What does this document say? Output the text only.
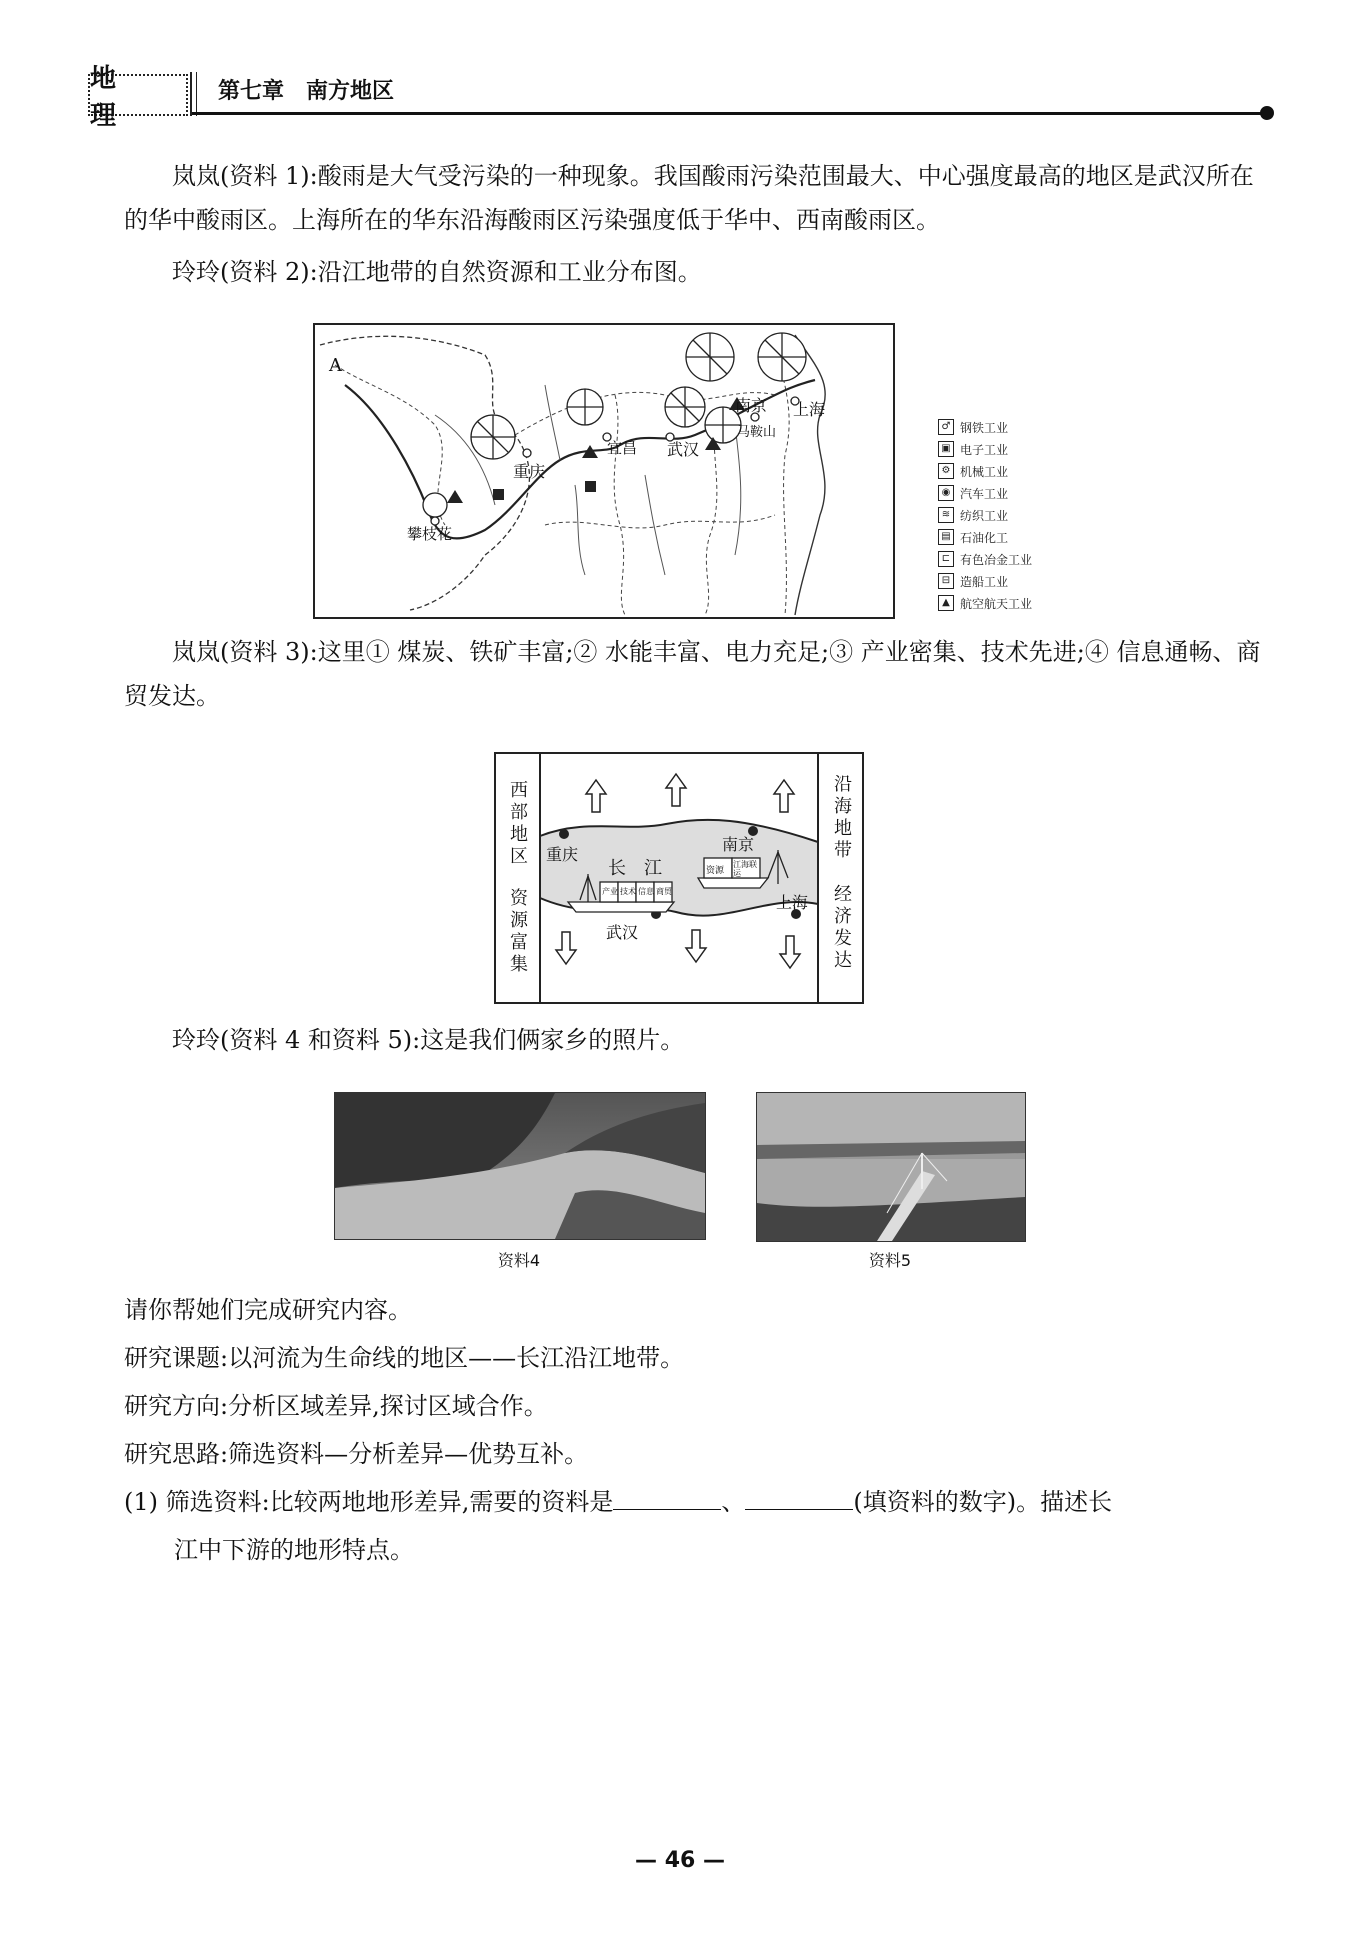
地 理
第七章　南方地区
岚岚(资料 1):酸雨是大气受污染的一种现象。我国酸雨污染范围最大、中心强度最高的地区是武汉所在的华中酸雨区。上海所在的华东沿海酸雨区污染强度低于华中、西南酸雨区。
玲玲(资料 2):沿江地带的自然资源和工业分布图。
A
攀枝花
重庆
宜昌 武汉
南京
马鞍山
上海
♂ 钢铁工业
▣ 电子工业
⚙ 机械工业
◉ 汽车工业
≋ 纺织工业
▤ 石油化工
⊏ 有色冶金工业
⊟ 造船工业
▲ 航空航天工业
岚岚(资料 3):这里① 煤炭、铁矿丰富;② 水能丰富、电力充足;③ 产业密集、技术先进;④ 信息通畅、商贸发达。
西部地区
资源富集
沿海地带
经济发达
重庆
南京
长　江
武汉
上海
资源
江海联运
产业 技术 信息 商贸
玲玲(资料 4 和资料 5):这是我们俩家乡的照片。
资料4	资料5
请你帮她们完成研究内容。
研究课题:以河流为生命线的地区——长江沿江地带。
研究方向:分析区域差异,探讨区域合作。
研究思路:筛选资料—分析差异—优势互补。
(1) 筛选资料:比较两地地形差异,需要的资料是	、	(填资料的数字)。描述长
江中下游的地形特点。
— 46 —
